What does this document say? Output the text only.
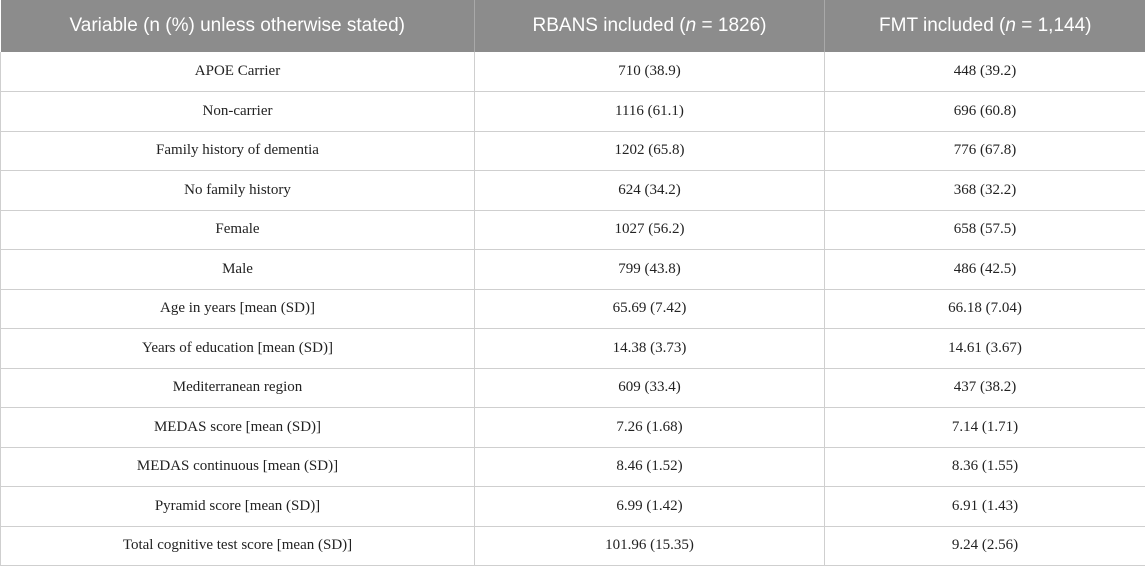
Variable (n (%) unless otherwise stated)	RBANS included (n = 1826)	FMT included (n = 1,144)
APOE Carrier	710 (38.9)	448 (39.2)
Non-carrier	1116 (61.1)	696 (60.8)
Family history of dementia	1202 (65.8)	776 (67.8)
No family history	624 (34.2)	368 (32.2)
Female	1027 (56.2)	658 (57.5)
Male	799 (43.8)	486 (42.5)
Age in years [mean (SD)]	65.69 (7.42)	66.18 (7.04)
Years of education [mean (SD)]	14.38 (3.73)	14.61 (3.67)
Mediterranean region	609 (33.4)	437 (38.2)
MEDAS score [mean (SD)]	7.26 (1.68)	7.14 (1.71)
MEDAS continuous [mean (SD)]	8.46 (1.52)	8.36 (1.55)
Pyramid score [mean (SD)]	6.99 (1.42)	6.91 (1.43)
Total cognitive test score [mean (SD)]	101.96 (15.35)	9.24 (2.56)
